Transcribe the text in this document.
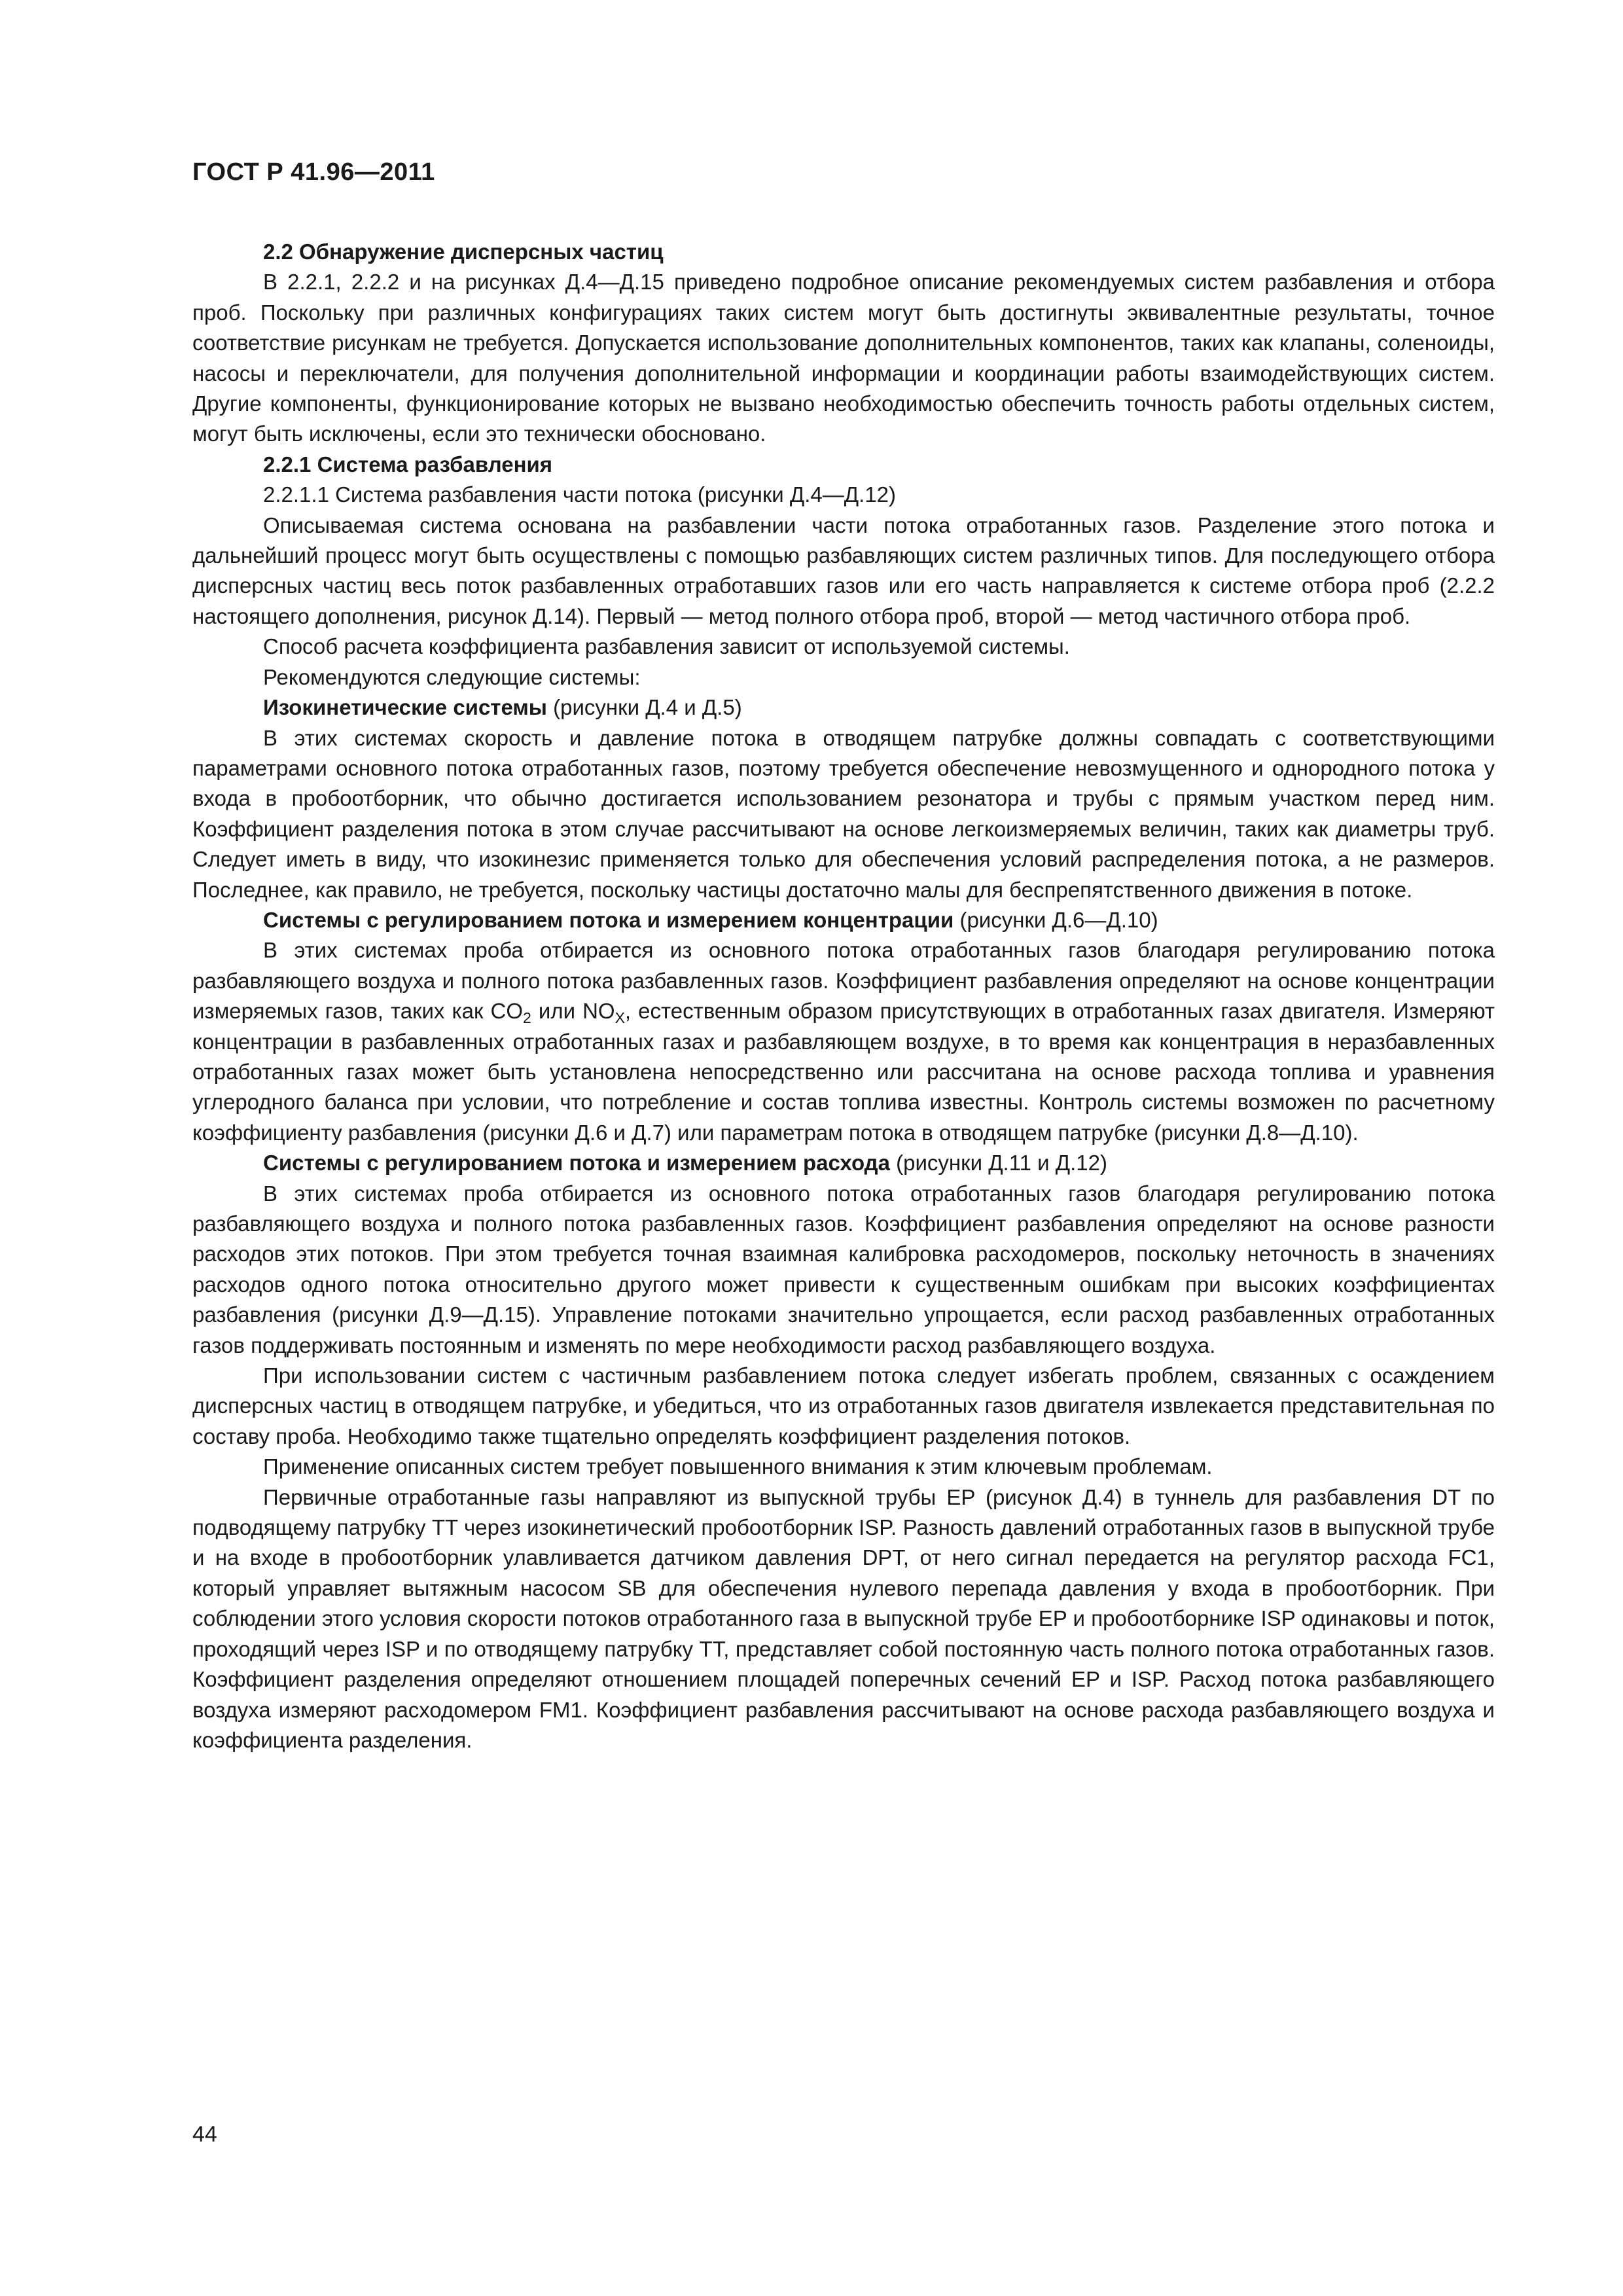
ГОСТ Р 41.96—2011

2.2 Обнаружение дисперсных частиц

В 2.2.1, 2.2.2 и на рисунках Д.4—Д.15 приведено подробное описание рекомендуемых систем разбавления и отбора проб. Поскольку при различных конфигурациях таких систем могут быть достигнуты эквивалентные результаты, точное соответствие рисункам не требуется. Допускается использование дополнительных компонентов, таких как клапаны, соленоиды, насосы и переключатели, для получения дополнительной информации и координации работы взаимодействующих систем. Другие компоненты, функционирование которых не вызвано необходимостью обеспечить точность работы отдельных систем, могут быть исключены, если это технически обосновано.

2.2.1 Система разбавления

2.2.1.1 Система разбавления части потока (рисунки Д.4—Д.12)

Описываемая система основана на разбавлении части потока отработанных газов. Разделение этого потока и дальнейший процесс могут быть осуществлены с помощью разбавляющих систем различных типов. Для последующего отбора дисперсных частиц весь поток разбавленных отработавших газов или его часть направляется к системе отбора проб (2.2.2 настоящего дополнения, рисунок Д.14). Первый — метод полного отбора проб, второй — метод частичного отбора проб.

Способ расчета коэффициента разбавления зависит от используемой системы.

Рекомендуются следующие системы:

Изокинетические системы (рисунки Д.4 и Д.5)

В этих системах скорость и давление потока в отводящем патрубке должны совпадать с соответствующими параметрами основного потока отработанных газов, поэтому требуется обеспечение невозмущенного и однородного потока у входа в пробоотборник, что обычно достигается использованием резонатора и трубы с прямым участком перед ним. Коэффициент разделения потока в этом случае рассчитывают на основе легкоизмеряемых величин, таких как диаметры труб. Следует иметь в виду, что изокинезис применяется только для обеспечения условий распределения потока, а не размеров. Последнее, как правило, не требуется, поскольку частицы достаточно малы для беспрепятственного движения в потоке.

Системы с регулированием потока и измерением концентрации (рисунки Д.6—Д.10)

В этих системах проба отбирается из основного потока отработанных газов благодаря регулированию потока разбавляющего воздуха и полного потока разбавленных газов. Коэффициент разбавления определяют на основе концентрации измеряемых газов, таких как $CO_2$ или $NO_X$, естественным образом присутствующих в отработанных газах двигателя. Измеряют концентрации в разбавленных отработанных газах и разбавляющем воздухе, в то время как концентрация в неразбавленных отработанных газах может быть установлена непосредственно или рассчитана на основе расхода топлива и уравнения углеродного баланса при условии, что потребление и состав топлива известны. Контроль системы возможен по расчетному коэффициенту разбавления (рисунки Д.6 и Д.7) или параметрам потока в отводящем патрубке (рисунки Д.8—Д.10).

Системы с регулированием потока и измерением расхода (рисунки Д.11 и Д.12)

В этих системах проба отбирается из основного потока отработанных газов благодаря регулированию потока разбавляющего воздуха и полного потока разбавленных газов. Коэффициент разбавления определяют на основе разности расходов этих потоков. При этом требуется точная взаимная калибровка расходомеров, поскольку неточность в значениях расходов одного потока относительно другого может привести к существенным ошибкам при высоких коэффициентах разбавления (рисунки Д.9—Д.15). Управление потоками значительно упрощается, если расход разбавленных отработанных газов поддерживать постоянным и изменять по мере необходимости расход разбавляющего воздуха.

При использовании систем с частичным разбавлением потока следует избегать проблем, связанных с осаждением дисперсных частиц в отводящем патрубке, и убедиться, что из отработанных газов двигателя извлекается представительная по составу проба. Необходимо также тщательно определять коэффициент разделения потоков.

Применение описанных систем требует повышенного внимания к этим ключевым проблемам.

Первичные отработанные газы направляют из выпускной трубы EP (рисунок Д.4) в туннель для разбавления DT по подводящему патрубку TT через изокинетический пробоотборник ISP. Разность давлений отработанных газов в выпускной трубе и на входе в пробоотборник улавливается датчиком давления DPT, от него сигнал передается на регулятор расхода FC1, который управляет вытяжным насосом SB для обеспечения нулевого перепада давления у входа в пробоотборник. При соблюдении этого условия скорости потоков отработанного газа в выпускной трубе EP и пробоотборнике ISP одинаковы и поток, проходящий через ISP и по отводящему патрубку TT, представляет собой постоянную часть полного потока отработанных газов. Коэффициент разделения определяют отношением площадей поперечных сечений EP и ISP. Расход потока разбавляющего воздуха измеряют расходомером FM1. Коэффициент разбавления рассчитывают на основе расхода разбавляющего воздуха и коэффициента разделения.

44
